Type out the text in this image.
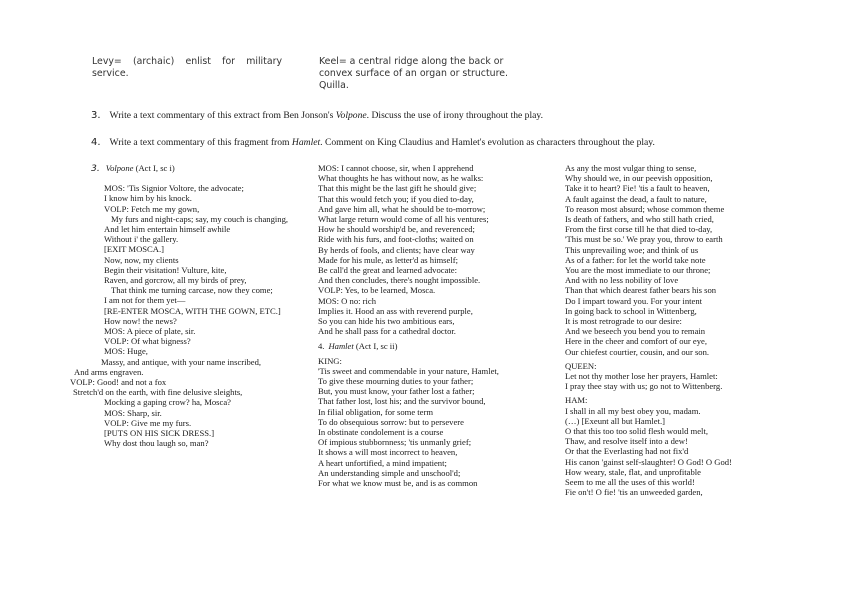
Levy= (archaic) enlist for military service.
Keel= a central ridge along the back or convex surface of an organ or structure. Quilla.
3. Write a text commentary of this extract from Ben Jonson's Volpone. Discuss the use of irony throughout the play.
4. Write a text commentary of this fragment from Hamlet. Comment on King Claudius and Hamlet's evolution as characters throughout the play.
3. Volpone (Act I, sc i)
MOS: 'Tis Signior Voltore, the advocate;
I know him by his knock.
VOLP: Fetch me my gown,
My furs and night-caps; say, my couch is changing,
And let him entertain himself awhile
Without i' the gallery.
[EXIT MOSCA.]
Now, now, my clients
Begin their visitation! Vulture, kite,
Raven, and gorcrow, all my birds of prey,
That think me turning carcase, now they come;
I am not for them yet—
[RE-ENTER MOSCA, WITH THE GOWN, ETC.]
How now! the news?
MOS: A piece of plate, sir.
VOLP: Of what bigness?
MOS: Huge,
Massy, and antique, with your name inscribed,
And arms engraven.
VOLP: Good! and not a fox
Stretch'd on the earth, with fine delusive sleights,
Mocking a gaping crow? ha, Mosca?
MOS: Sharp, sir.
VOLP: Give me my furs.
[PUTS ON HIS SICK DRESS.]
Why dost thou laugh so, man?
MOS: I cannot choose, sir, when I apprehend
What thoughts he has without now, as he walks:
That this might be the last gift he should give;
That this would fetch you; if you died to-day,
And gave him all, what he should be to-morrow;
What large return would come of all his ventures;
How he should worship'd be, and reverenced;
Ride with his furs, and foot-cloths; waited on
By herds of fools, and clients; have clear way
Made for his mule, as letter'd as himself;
Be call'd the great and learned advocate:
And then concludes, there's nought impossible.
VOLP: Yes, to be learned, Mosca.
MOS: O no: rich
Implies it. Hood an ass with reverend purple,
So you can hide his two ambitious ears,
And he shall pass for a cathedral doctor.
4. Hamlet (Act I, sc ii)
KING:
'Tis sweet and commendable in your nature, Hamlet,
To give these mourning duties to your father;
But, you must know, your father lost a father;
That father lost, lost his; and the survivor bound,
In filial obligation, for some term
To do obsequious sorrow: but to persevere
In obstinate condolement is a course
Of impious stubbornness; 'tis unmanly grief;
It shows a will most incorrect to heaven,
A heart unfortified, a mind impatient;
An understanding simple and unschool'd;
For what we know must be, and is as common
As any the most vulgar thing to sense,
Why should we, in our peevish opposition,
Take it to heart? Fie! 'tis a fault to heaven,
A fault against the dead, a fault to nature,
To reason most absurd; whose common theme
Is death of fathers, and who still hath cried,
From the first corse till he that died to-day,
'This must be so.' We pray you, throw to earth
This unprevailing woe; and think of us
As of a father: for let the world take note
You are the most immediate to our throne;
And with no less nobility of love
Than that which dearest father bears his son
Do I impart toward you. For your intent
In going back to school in Wittenberg,
It is most retrograde to our desire:
And we beseech you bend you to remain
Here in the cheer and comfort of our eye,
Our chiefest courtier, cousin, and our son.
QUEEN:
Let not thy mother lose her prayers, Hamlet:
I pray thee stay with us; go not to Wittenberg.
HAM:
I shall in all my best obey you, madam.
(…) [Exeunt all but Hamlet.]
O that this too too solid flesh would melt,
Thaw, and resolve itself into a dew!
Or that the Everlasting had not fix'd
His canon 'gainst self-slaughter! O God! O God!
How weary, stale, flat, and unprofitable
Seem to me all the uses of this world!
Fie on't! O fie! 'tis an unweeded garden,
